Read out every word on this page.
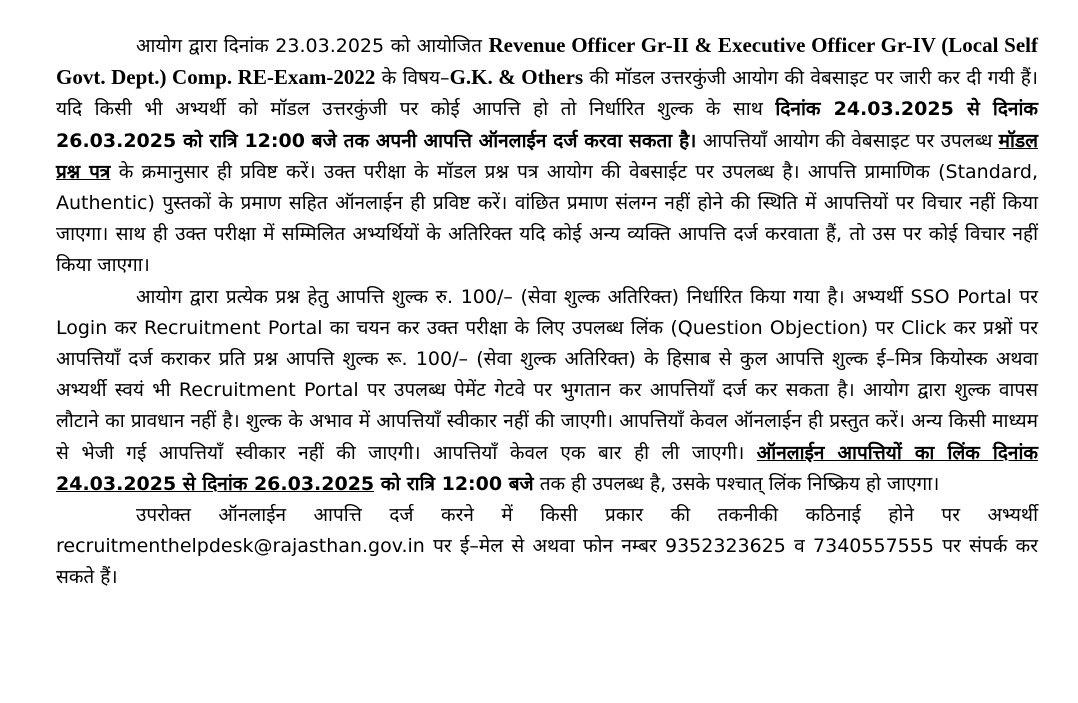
आयोग द्वारा दिनांक 23.03.2025 को आयोजित Revenue Officer Gr-II & Executive Officer Gr-IV (Local Self Govt. Dept.) Comp. RE-Exam-2022 के विषय–G.K. & Others की मॉडल उत्तरकुंजी आयोग की वेबसाइट पर जारी कर दी गयी हैं। यदि किसी भी अभ्यर्थी को मॉडल उत्तरकुंजी पर कोई आपत्ति हो तो निर्धारित शुल्क के साथ दिनांक 24.03.2025 से दिनांक 26.03.2025 को रात्रि 12:00 बजे तक अपनी आपत्ति ऑनलाईन दर्ज करवा सकता है। आपत्तियाँ आयोग की वेबसाइट पर उपलब्ध मॉडल प्रश्न पत्र के क्रमानुसार ही प्रविष्ट करें। उक्त परीक्षा के मॉडल प्रश्न पत्र आयोग की वेबसाईट पर उपलब्ध है। आपत्ति प्रामाणिक (Standard, Authentic) पुस्तकों के प्रमाण सहित ऑनलाईन ही प्रविष्ट करें। वांछित प्रमाण संलग्न नहीं होने की स्थिति में आपत्तियों पर विचार नहीं किया जाएगा। साथ ही उक्त परीक्षा में सम्मिलित अभ्यर्थियों के अतिरिक्त यदि कोई अन्य व्यक्ति आपत्ति दर्ज करवाता हैं, तो उस पर कोई विचार नहीं किया जाएगा।

आयोग द्वारा प्रत्येक प्रश्न हेतु आपत्ति शुल्क रु. 100/– (सेवा शुल्क अतिरिक्त) निर्धारित किया गया है। अभ्यर्थी SSO Portal पर Login कर Recruitment Portal का चयन कर उक्त परीक्षा के लिए उपलब्ध लिंक (Question Objection) पर Click कर प्रश्नों पर आपत्तियाँ दर्ज कराकर प्रति प्रश्न आपत्ति शुल्क रू. 100/– (सेवा शुल्क अतिरिक्त) के हिसाब से कुल आपत्ति शुल्क ई–मित्र कियोस्क अथवा अभ्यर्थी स्वयं भी Recruitment Portal पर उपलब्ध पेमेंट गेटवे पर भुगतान कर आपत्तियाँ दर्ज कर सकता है। आयोग द्वारा शुल्क वापस लौटाने का प्रावधान नहीं है। शुल्क के अभाव में आपत्तियाँ स्वीकार नहीं की जाएगी। आपत्तियाँ केवल ऑनलाईन ही प्रस्तुत करें। अन्य किसी माध्यम से भेजी गई आपत्तियाँ स्वीकार नहीं की जाएगी। आपत्तियाँ केवल एक बार ही ली जाएगी। ऑनलाईन आपत्तियों का लिंक दिनांक 24.03.2025 से दिनांक 26.03.2025 को रात्रि 12:00 बजे तक ही उपलब्ध है, उसके पश्चात् लिंक निष्क्रिय हो जाएगा।

उपरोक्त ऑनलाईन आपत्ति दर्ज करने में किसी प्रकार की तकनीकी कठिनाई होने पर अभ्यर्थी recruitmenthelpdesk@rajasthan.gov.in पर ई–मेल से अथवा फोन नम्बर 9352323625 व 7340557555 पर संपर्क कर सकते हैं।
